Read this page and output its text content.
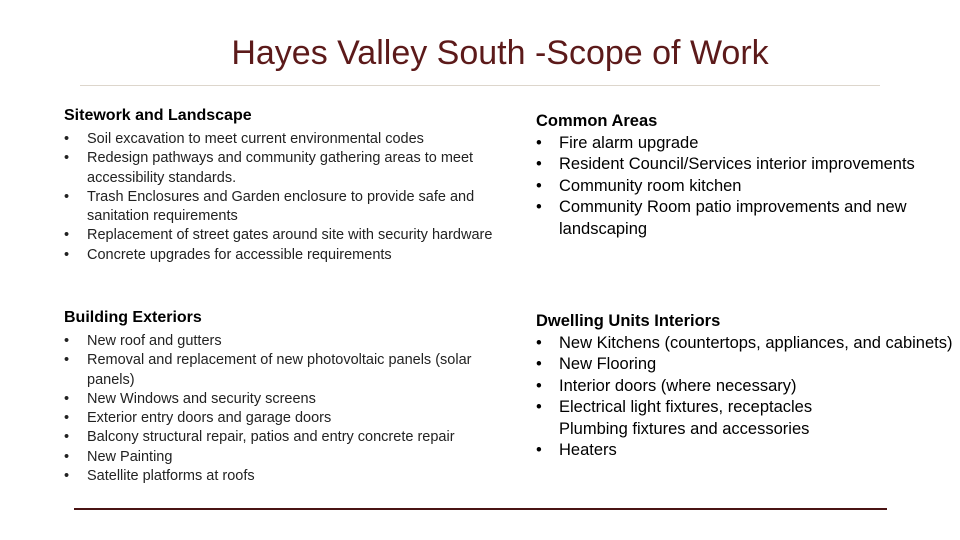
Hayes Valley South -Scope of Work
Sitework and Landscape
• Soil excavation to meet current environmental codes
• Redesign pathways and community gathering areas to meet accessibility standards.
• Trash Enclosures and Garden enclosure to provide safe and sanitation requirements
• Replacement of street gates around site with security hardware
• Concrete upgrades for accessible requirements
Building Exteriors
• New roof and gutters
• Removal and replacement of new photovoltaic panels (solar panels)
• New Windows and security screens
• Exterior entry doors and garage doors
• Balcony structural repair, patios and entry concrete repair
• New Painting
• Satellite platforms at roofs
Common Areas
• Fire alarm upgrade
• Resident Council/Services interior improvements
• Community room kitchen
• Community Room patio improvements and new landscaping
Dwelling Units Interiors
• New Kitchens (countertops, appliances, and cabinets)
• New Flooring
• Interior doors (where necessary)
• Electrical light fixtures, receptacles Plumbing fixtures and accessories
• Heaters
